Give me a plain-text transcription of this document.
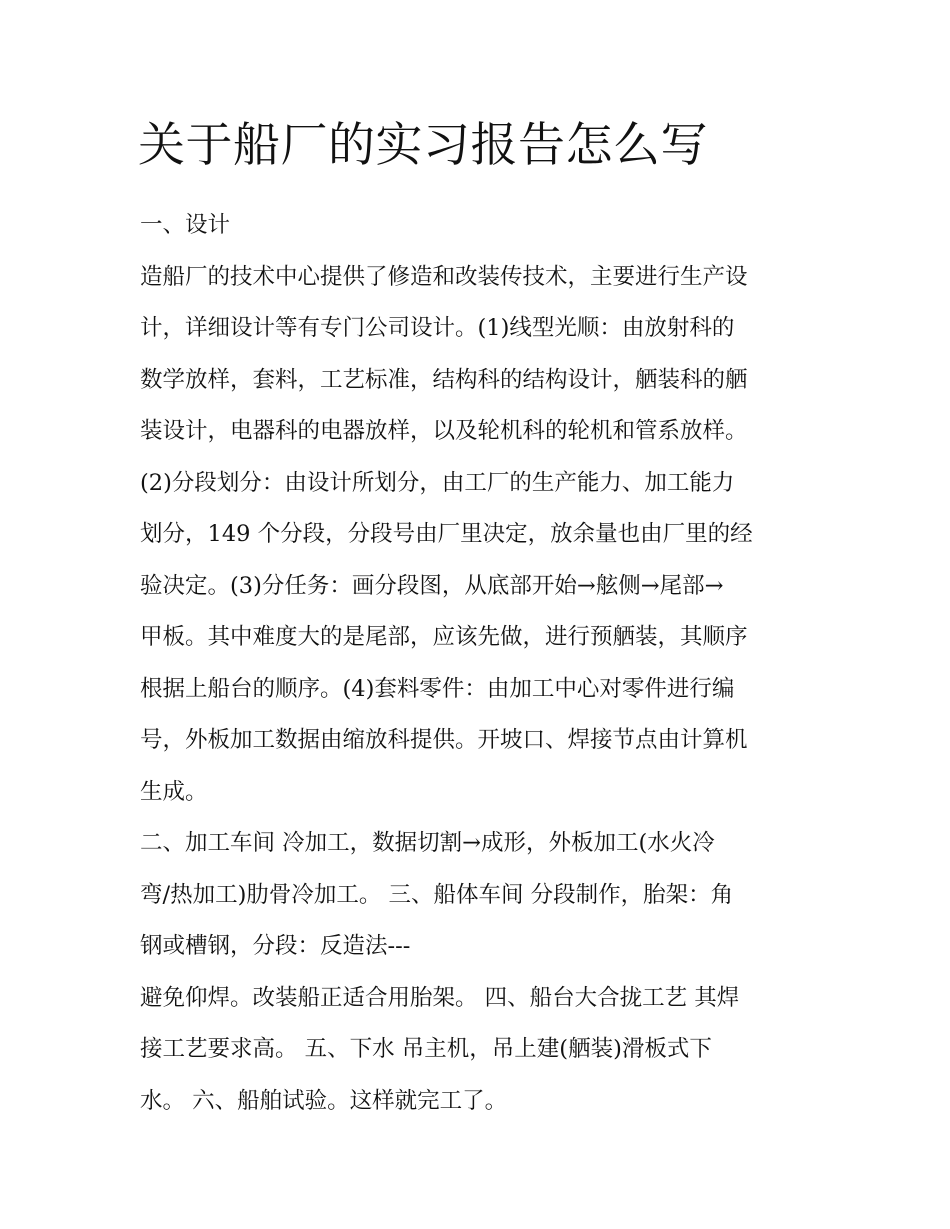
关于船厂的实习报告怎么写

一、设计

造船厂的技术中心提供了修造和改装传技术，主要进行生产设

计，详细设计等有专门公司设计。(1)线型光顺：由放射科的

数学放样，套料，工艺标准，结构科的结构设计，舾装科的舾

装设计，电器科的电器放样，以及轮机科的轮机和管系放样。

(2)分段划分：由设计所划分，由工厂的生产能力、加工能力

划分，149 个分段，分段号由厂里决定，放余量也由厂里的经

验决定。(3)分任务：画分段图，从底部开始→舷侧→尾部→

甲板。其中难度大的是尾部，应该先做，进行预舾装，其顺序

根据上船台的顺序。(4)套料零件：由加工中心对零件进行编

号，外板加工数据由缩放科提供。开坡口、焊接节点由计算机

生成。

二、加工车间 冷加工，数据切割→成形，外板加工(水火冷

弯/热加工)肋骨冷加工。 三、船体车间 分段制作，胎架：角

钢或槽钢，分段：反造法---

避免仰焊。改装船正适合用胎架。 四、船台大合拢工艺 其焊

接工艺要求高。 五、下水 吊主机，吊上建(舾装)滑板式下

水。 六、船舶试验。这样就完工了。
